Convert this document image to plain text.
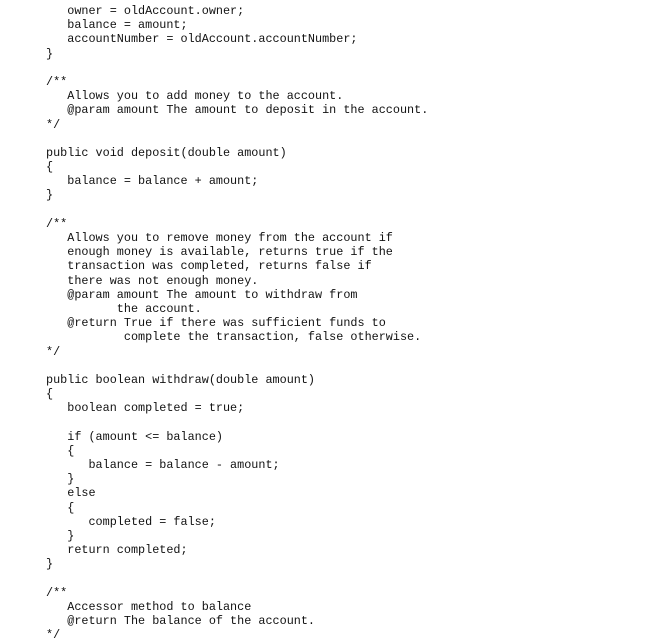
owner = oldAccount.owner;
balance = amount;
accountNumber = oldAccount.accountNumber;
}
/**
Allows you to add money to the account.
@param amount The amount to deposit in the account.
*/
public void deposit(double amount)
{
balance = balance + amount;
}
/**
Allows you to remove money from the account if
enough money is available, returns true if the
transaction was completed, returns false if
there was not enough money.
@param amount The amount to withdraw from
the account.
@return True if there was sufficient funds to
complete the transaction, false otherwise.
*/
public boolean withdraw(double amount)
{
boolean completed = true;
if (amount <= balance)
{
balance = balance - amount;
}
else
{
completed = false;
}
return completed;
}
/**
Accessor method to balance
@return The balance of the account.
*/
